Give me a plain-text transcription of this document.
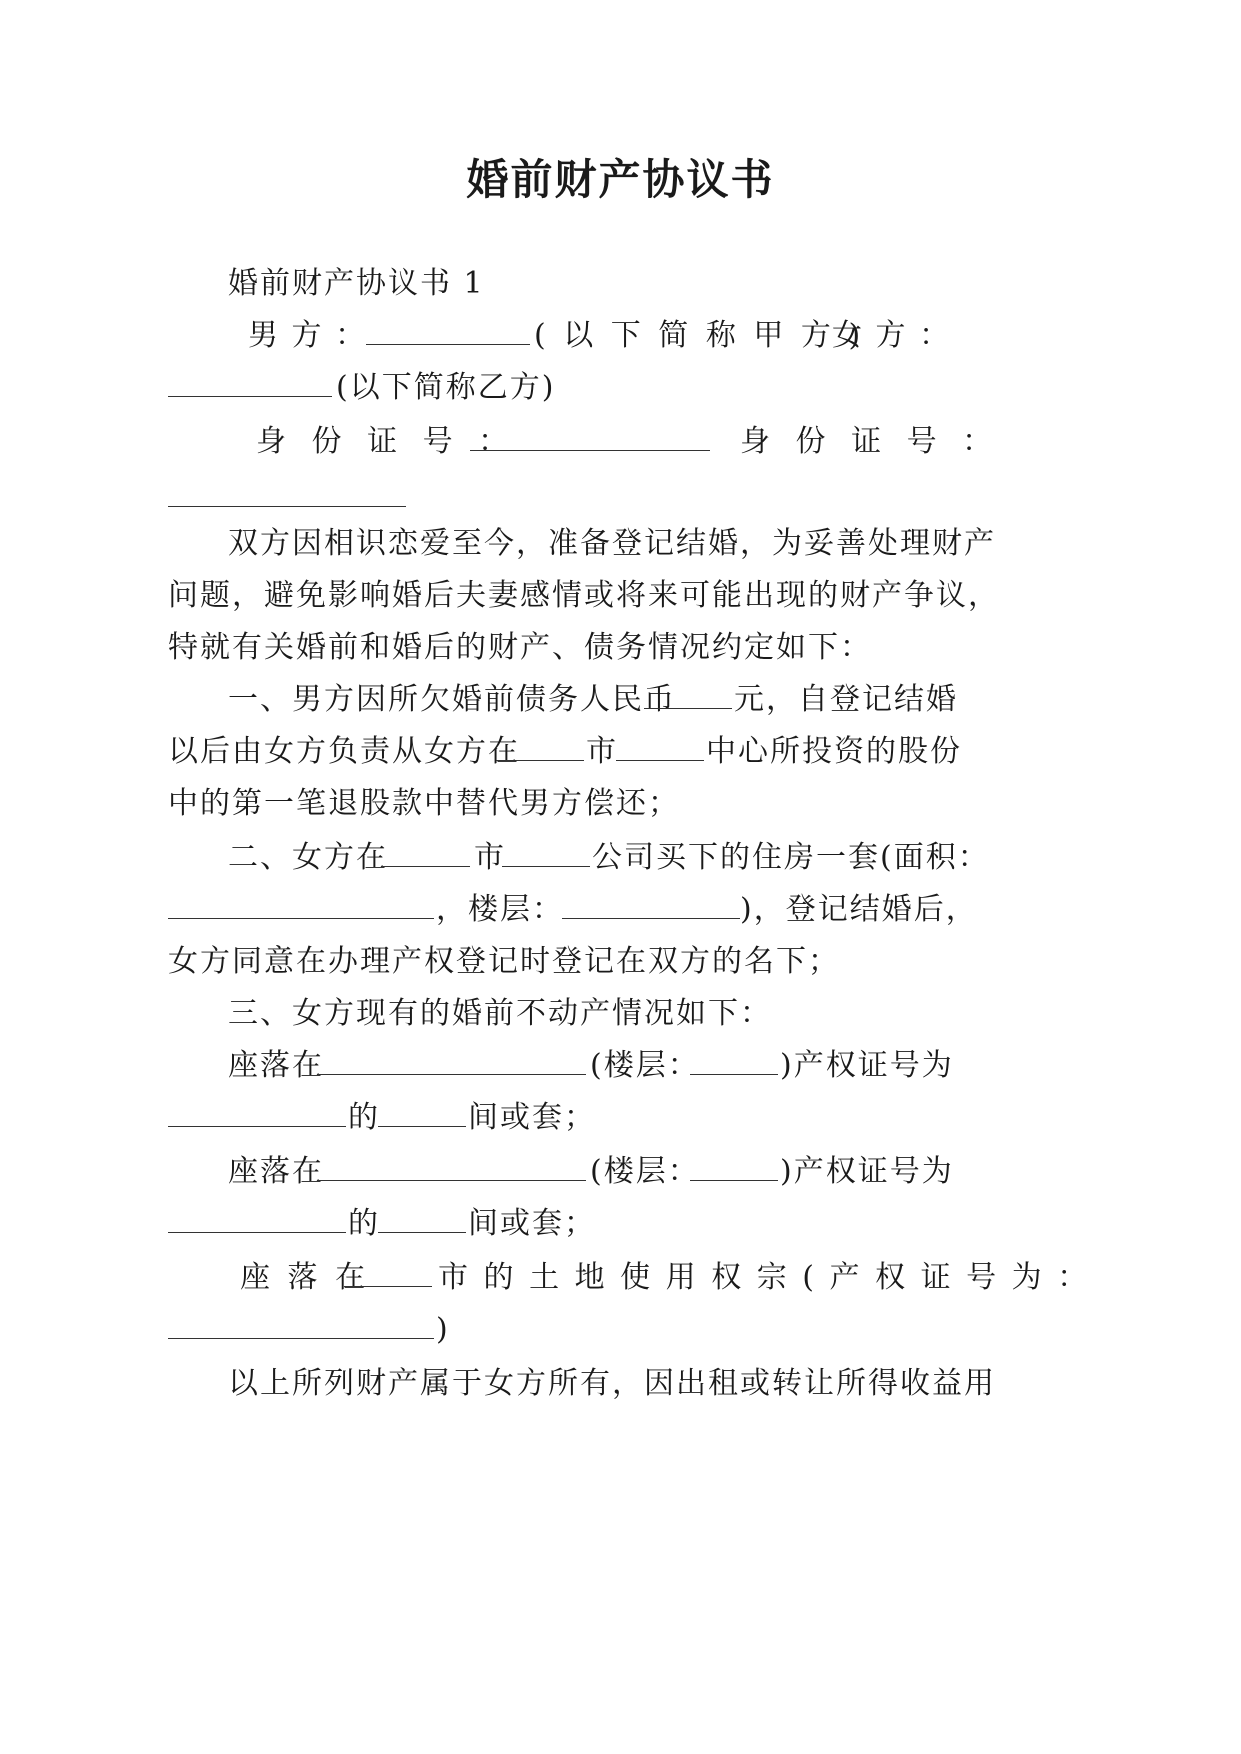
婚前财产协议书
婚前财产协议书 1
男 方 ：	( 以 下 简 称 甲 方 )
女 方 ：
(以下简称乙方)
身 份 证 号 ：	身 份 证 号 ：
双方因相识恋爱至今，准备登记结婚，为妥善处理财产
问题，避免影响婚后夫妻感情或将来可能出现的财产争议，
特就有关婚前和婚后的财产、债务情况约定如下：
一、男方因所欠婚前债务人民币 元，自登记结婚
以后由女方负责从女方在 市	中心所投资的股份
中的第一笔退股款中替代男方偿还；
二、女方在	市	公司买下的住房一套(面积：
，楼层：	)，登记结婚后，
女方同意在办理产权登记时登记在双方的名下；
三、女方现有的婚前不动产情况如下：
座落在	(楼层：	)产权证号为
的	间或套；
座落在	(楼层：	)产权证号为
的	间或套；
座 落 在 市 的 土 地 使 用 权 宗 ( 产 权 证 号 为 ：
)
以上所列财产属于女方所有，因出租或转让所得收益用
